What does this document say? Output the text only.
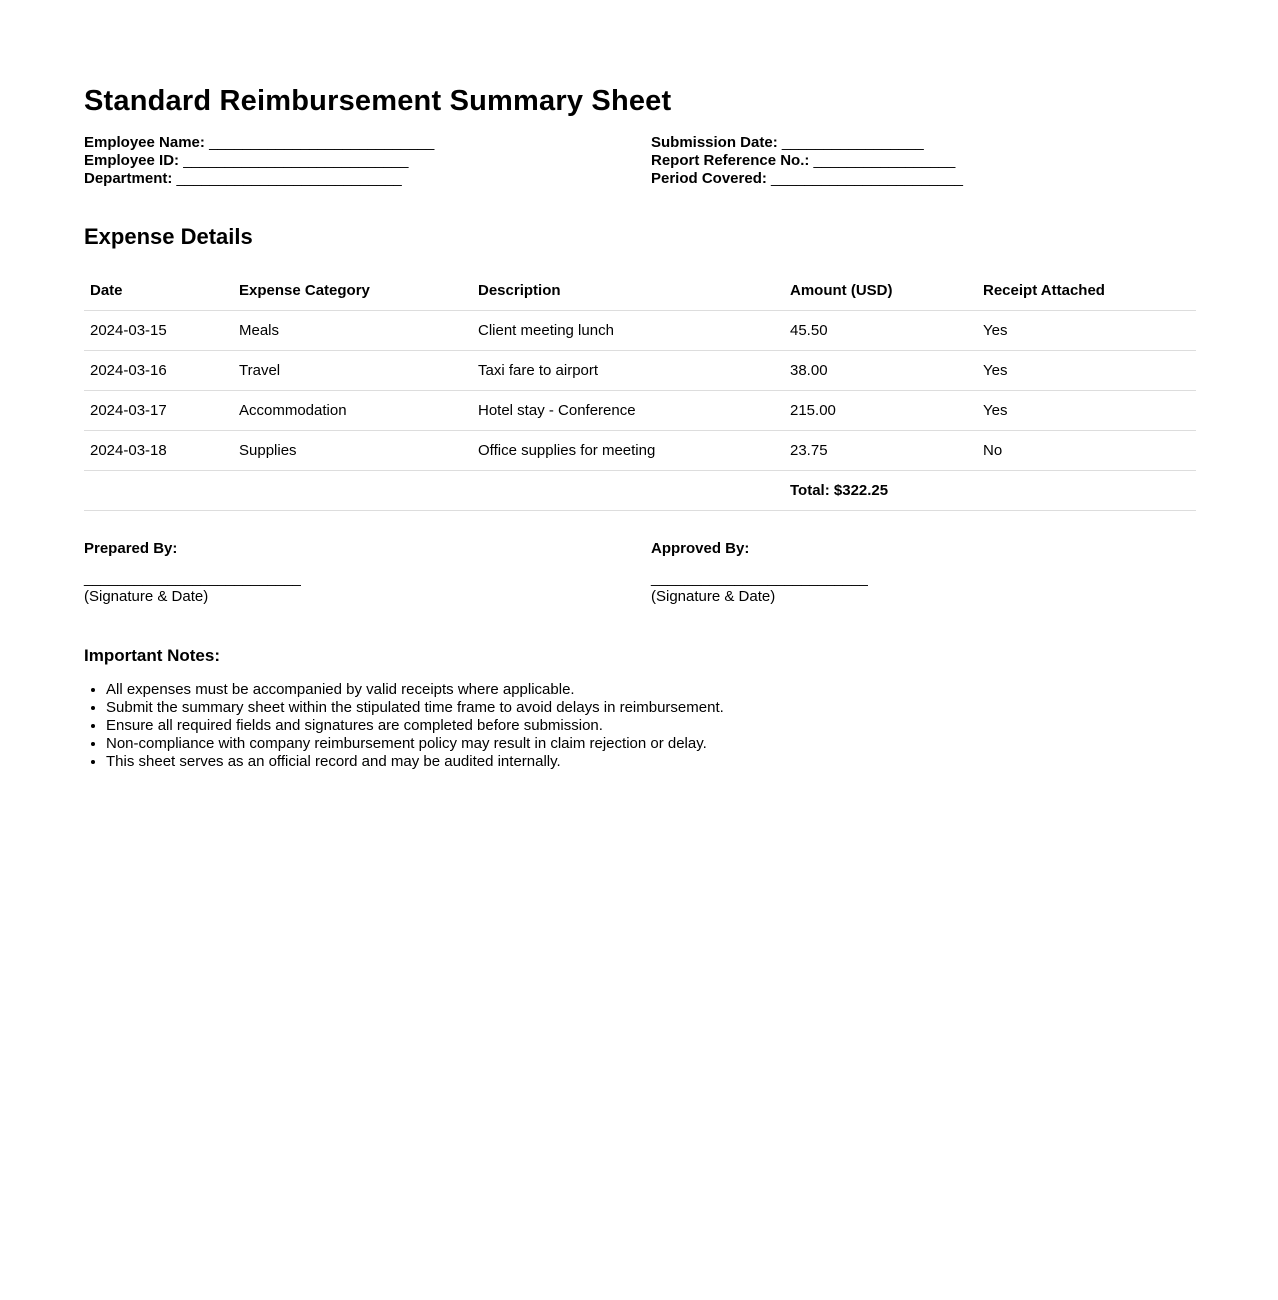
Standard Reimbursement Summary Sheet
Employee Name: ___________________________
Employee ID: ___________________________
Department: ___________________________
Submission Date: _________________
Report Reference No.: _________________
Period Covered: _______________________
Expense Details
Date	Expense Category	Description	Amount (USD)	Receipt Attached
2024-03-15	Meals	Client meeting lunch	45.50	Yes
2024-03-16	Travel	Taxi fare to airport	38.00	Yes
2024-03-17	Accommodation	Hotel stay - Conference	215.00	Yes
2024-03-18	Supplies	Office supplies for meeting	23.75	No
			Total: $322.25	
Prepared By:
__________________________
(Signature & Date)
Approved By:
__________________________
(Signature & Date)
Important Notes:
• All expenses must be accompanied by valid receipts where applicable.
• Submit the summary sheet within the stipulated time frame to avoid delays in reimbursement.
• Ensure all required fields and signatures are completed before submission.
• Non-compliance with company reimbursement policy may result in claim rejection or delay.
• This sheet serves as an official record and may be audited internally.
